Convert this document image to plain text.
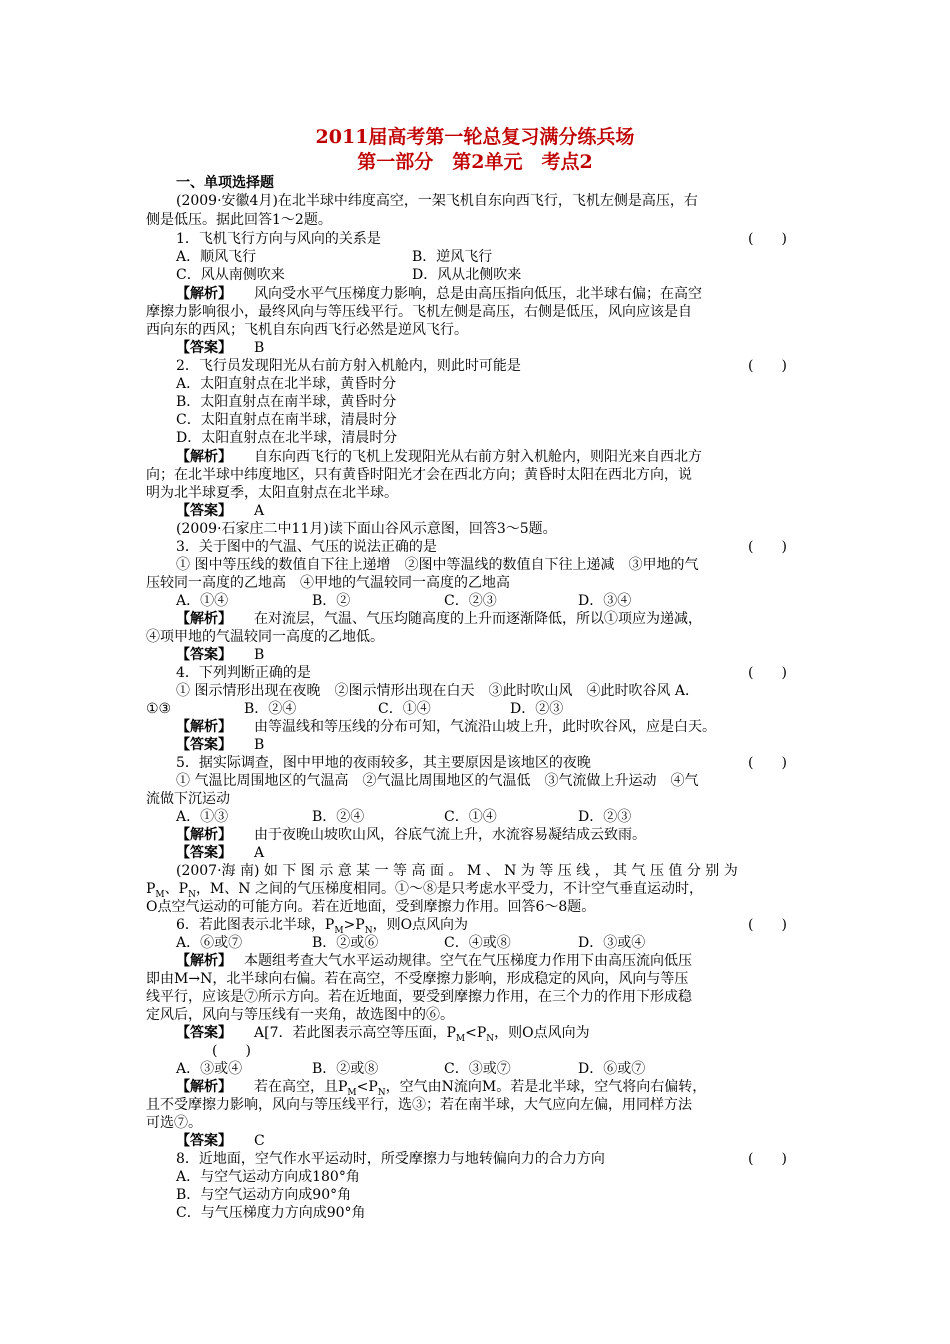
2011届高考第一轮总复习满分练兵场
第一部分　第2单元　考点2
一、单项选择题
(2009·安徽4月)在北半球中纬度高空，一架飞机自东向西飞行，飞机左侧是高压，右
侧是低压。据此回答1～2题。
1．飞机飞行方向与风向的关系是	(　　)
A．顺风飞行	B．逆风飞行
C．风从南侧吹来	D．风从北侧吹来
【解析】 风向受水平气压梯度力影响，总是由高压指向低压，北半球右偏；在高空
摩擦力影响很小，最终风向与等压线平行。飞机左侧是高压，右侧是低压，风向应该是自
西向东的西风；飞机自东向西飞行必然是逆风飞行。
【答案】 B
2．飞行员发现阳光从右前方射入机舱内，则此时可能是	(　　)
A．太阳直射点在北半球，黄昏时分
B．太阳直射点在南半球，黄昏时分
C．太阳直射点在南半球，清晨时分
D．太阳直射点在北半球，清晨时分
【解析】 自东向西飞行的飞机上发现阳光从右前方射入机舱内，则阳光来自西北方
向；在北半球中纬度地区，只有黄昏时阳光才会在西北方向；黄昏时太阳在西北方向，说
明为北半球夏季，太阳直射点在北半球。
【答案】 A
(2009·石家庄二中11月)读下面山谷风示意图，回答3～5题。
3．关于图中的气温、气压的说法正确的是	(　　)
① 图中等压线的数值自下往上递增　②图中等温线的数值自下往上递减　③甲地的气
压较同一高度的乙地高　④甲地的气温较同一高度的乙地高
A．①④	B．②	C．②③	D．③④
【解析】 在对流层，气温、气压均随高度的上升而逐渐降低，所以①项应为递减，
④项甲地的气温较同一高度的乙地低。
【答案】 B
4．下列判断正确的是	(　　)
① 图示情形出现在夜晚　②图示情形出现在白天　③此时吹山风　④此时吹谷风 A．
①③	B．②④	C．①④	D．②③
【解析】 由等温线和等压线的分布可知，气流沿山坡上升，此时吹谷风，应是白天。
【答案】 B
5．据实际调查，图中甲地的夜雨较多，其主要原因是该地区的夜晚	(　　)
① 气温比周围地区的气温高　②气温比周围地区的气温低　③气流做上升运动　④气
流做下沉运动
A．①③	B．②④	C．①④	D．②③
【解析】 由于夜晚山坡吹山风，谷底气流上升，水流容易凝结成云致雨。
【答案】 A
(2007·海 南) 如 下 图 示 意 某 一 等 高 面 。 M 、 N 为 等 压 线 ， 其 气 压 值 分 别 为
$P_M$、$P_N$，M、N 之间的气压梯度相同。①～⑧是只考虑水平受力，不计空气垂直运动时，
O点空气运动的可能方向。若在近地面，受到摩擦力作用。回答6～8题。
6．若此图表示北半球，$P_M>P_N$，则O点风向为	(　　)
A．⑥或⑦	B．②或⑥	C．④或⑧	D．③或④
【解析】 本题组考查大气水平运动规律。空气在气压梯度力作用下由高压流向低压
即由M→N，北半球向右偏。若在高空，不受摩擦力影响，形成稳定的风向，风向与等压
线平行，应该是⑦所示方向。若在近地面，要受到摩擦力作用，在三个力的作用下形成稳
定风后，风向与等压线有一夹角，故选图中的⑥。
【答案】 A[7．若此图表示高空等压面，$P_M<P_N$，则O点风向为
(　　)
A．③或④	B．②或⑧	C．③或⑦	D．⑥或⑦
【解析】 若在高空，且$P_M<P_N$，空气由N流向M。若是北半球，空气将向右偏转，
且不受摩擦力影响，风向与等压线平行，选③；若在南半球，大气应向左偏，用同样方法
可选⑦。
【答案】 C
8．近地面，空气作水平运动时，所受摩擦力与地转偏向力的合力方向	(　　)
A．与空气运动方向成180°角
B．与空气运动方向成90°角
C．与气压梯度力方向成90°角
